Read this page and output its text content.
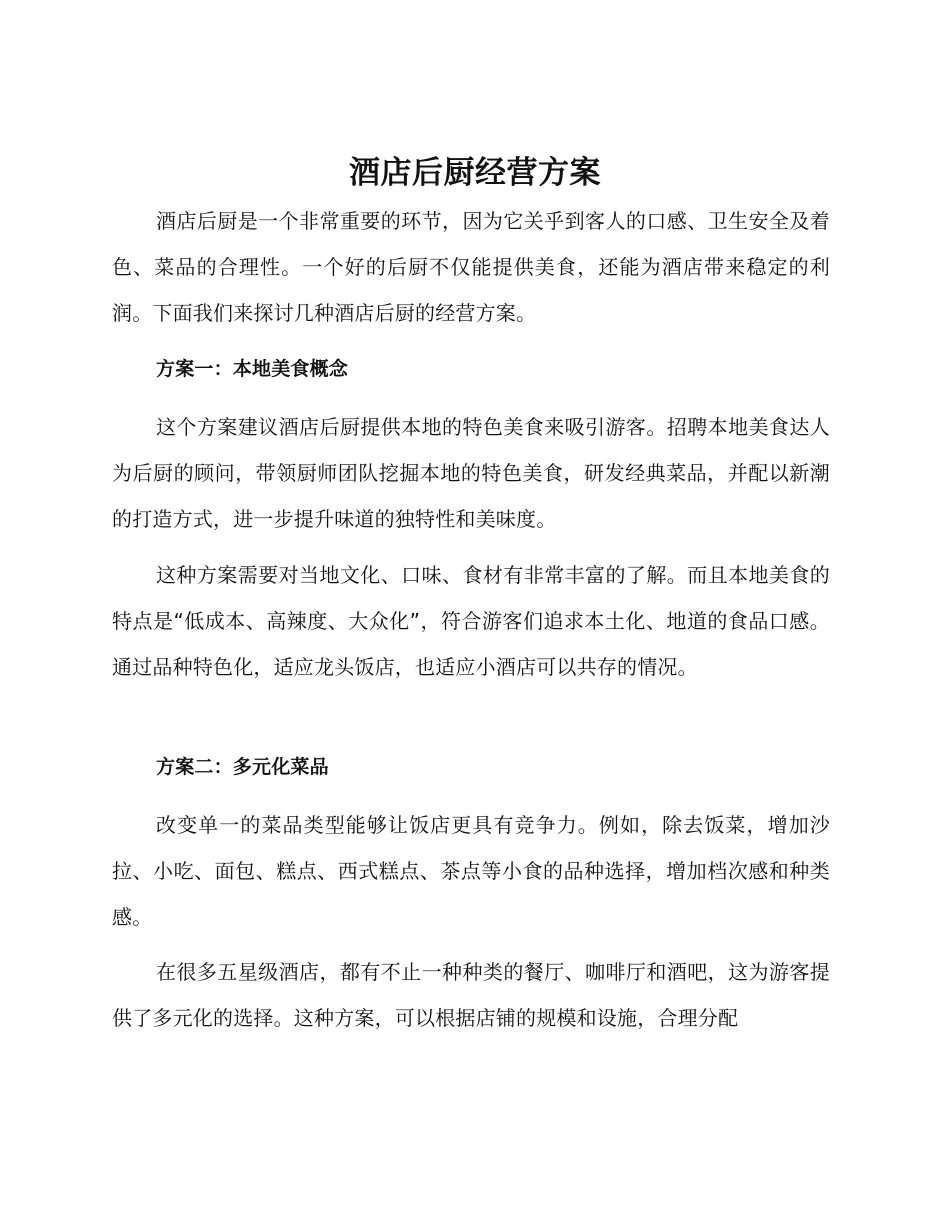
酒店后厨经营方案

酒店后厨是一个非常重要的环节，因为它关乎到客人的口感、卫生安全及着色、菜品的合理性。一个好的后厨不仅能提供美食，还能为酒店带来稳定的利润。下面我们来探讨几种酒店后厨的经营方案。

方案一：本地美食概念

这个方案建议酒店后厨提供本地的特色美食来吸引游客。招聘本地美食达人为后厨的顾问，带领厨师团队挖掘本地的特色美食，研发经典菜品，并配以新潮的打造方式，进一步提升味道的独特性和美味度。

这种方案需要对当地文化、口味、食材有非常丰富的了解。而且本地美食的特点是“低成本、高辣度、大众化”，符合游客们追求本土化、地道的食品口感。通过品种特色化，适应龙头饭店，也适应小酒店可以共存的情况。

方案二：多元化菜品

改变单一的菜品类型能够让饭店更具有竞争力。例如，除去饭菜，增加沙拉、小吃、面包、糕点、西式糕点、茶点等小食的品种选择，增加档次感和种类感。

在很多五星级酒店，都有不止一种种类的餐厅、咖啡厅和酒吧，这为游客提供了多元化的选择。这种方案，可以根据店铺的规模和设施，合理分配
